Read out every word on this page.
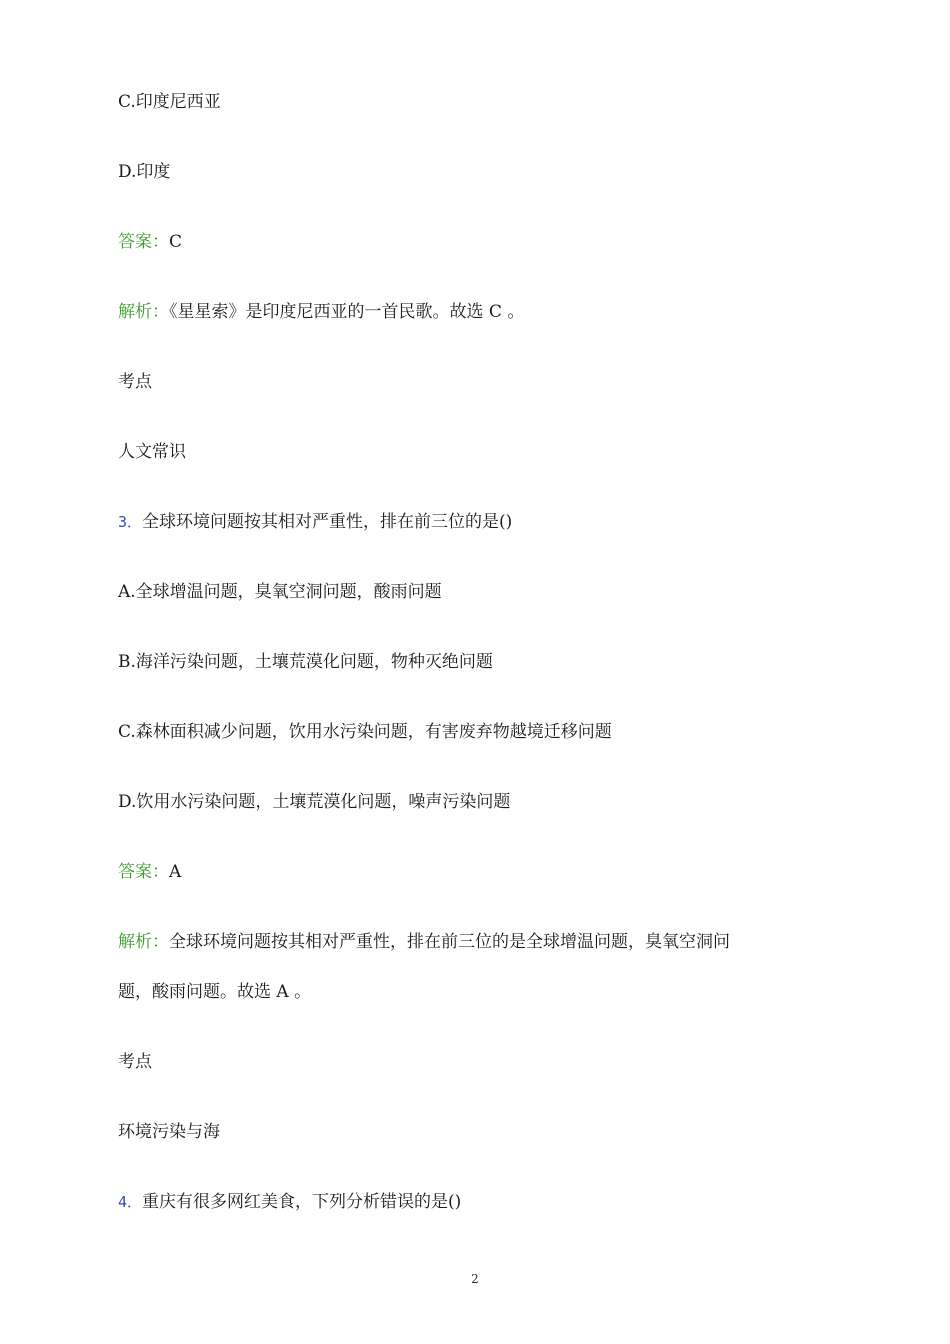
C.印度尼西亚
D.印度
答案：C
解析：《星星索》是印度尼西亚的一首民歌。故选 C 。
考点
人文常识
3．全球环境问题按其相对严重性，排在前三位的是()
A.全球增温问题，臭氧空洞问题，酸雨问题
B.海洋污染问题，土壤荒漠化问题，物种灭绝问题
C.森林面积减少问题，饮用水污染问题，有害废弃物越境迁移问题
D.饮用水污染问题，土壤荒漠化问题，噪声污染问题
答案：A
解析：全球环境问题按其相对严重性，排在前三位的是全球增温问题，臭氧空洞问
题，酸雨问题。故选 A 。
考点
环境污染与海
4．重庆有很多网红美食，下列分析错误的是()
2
